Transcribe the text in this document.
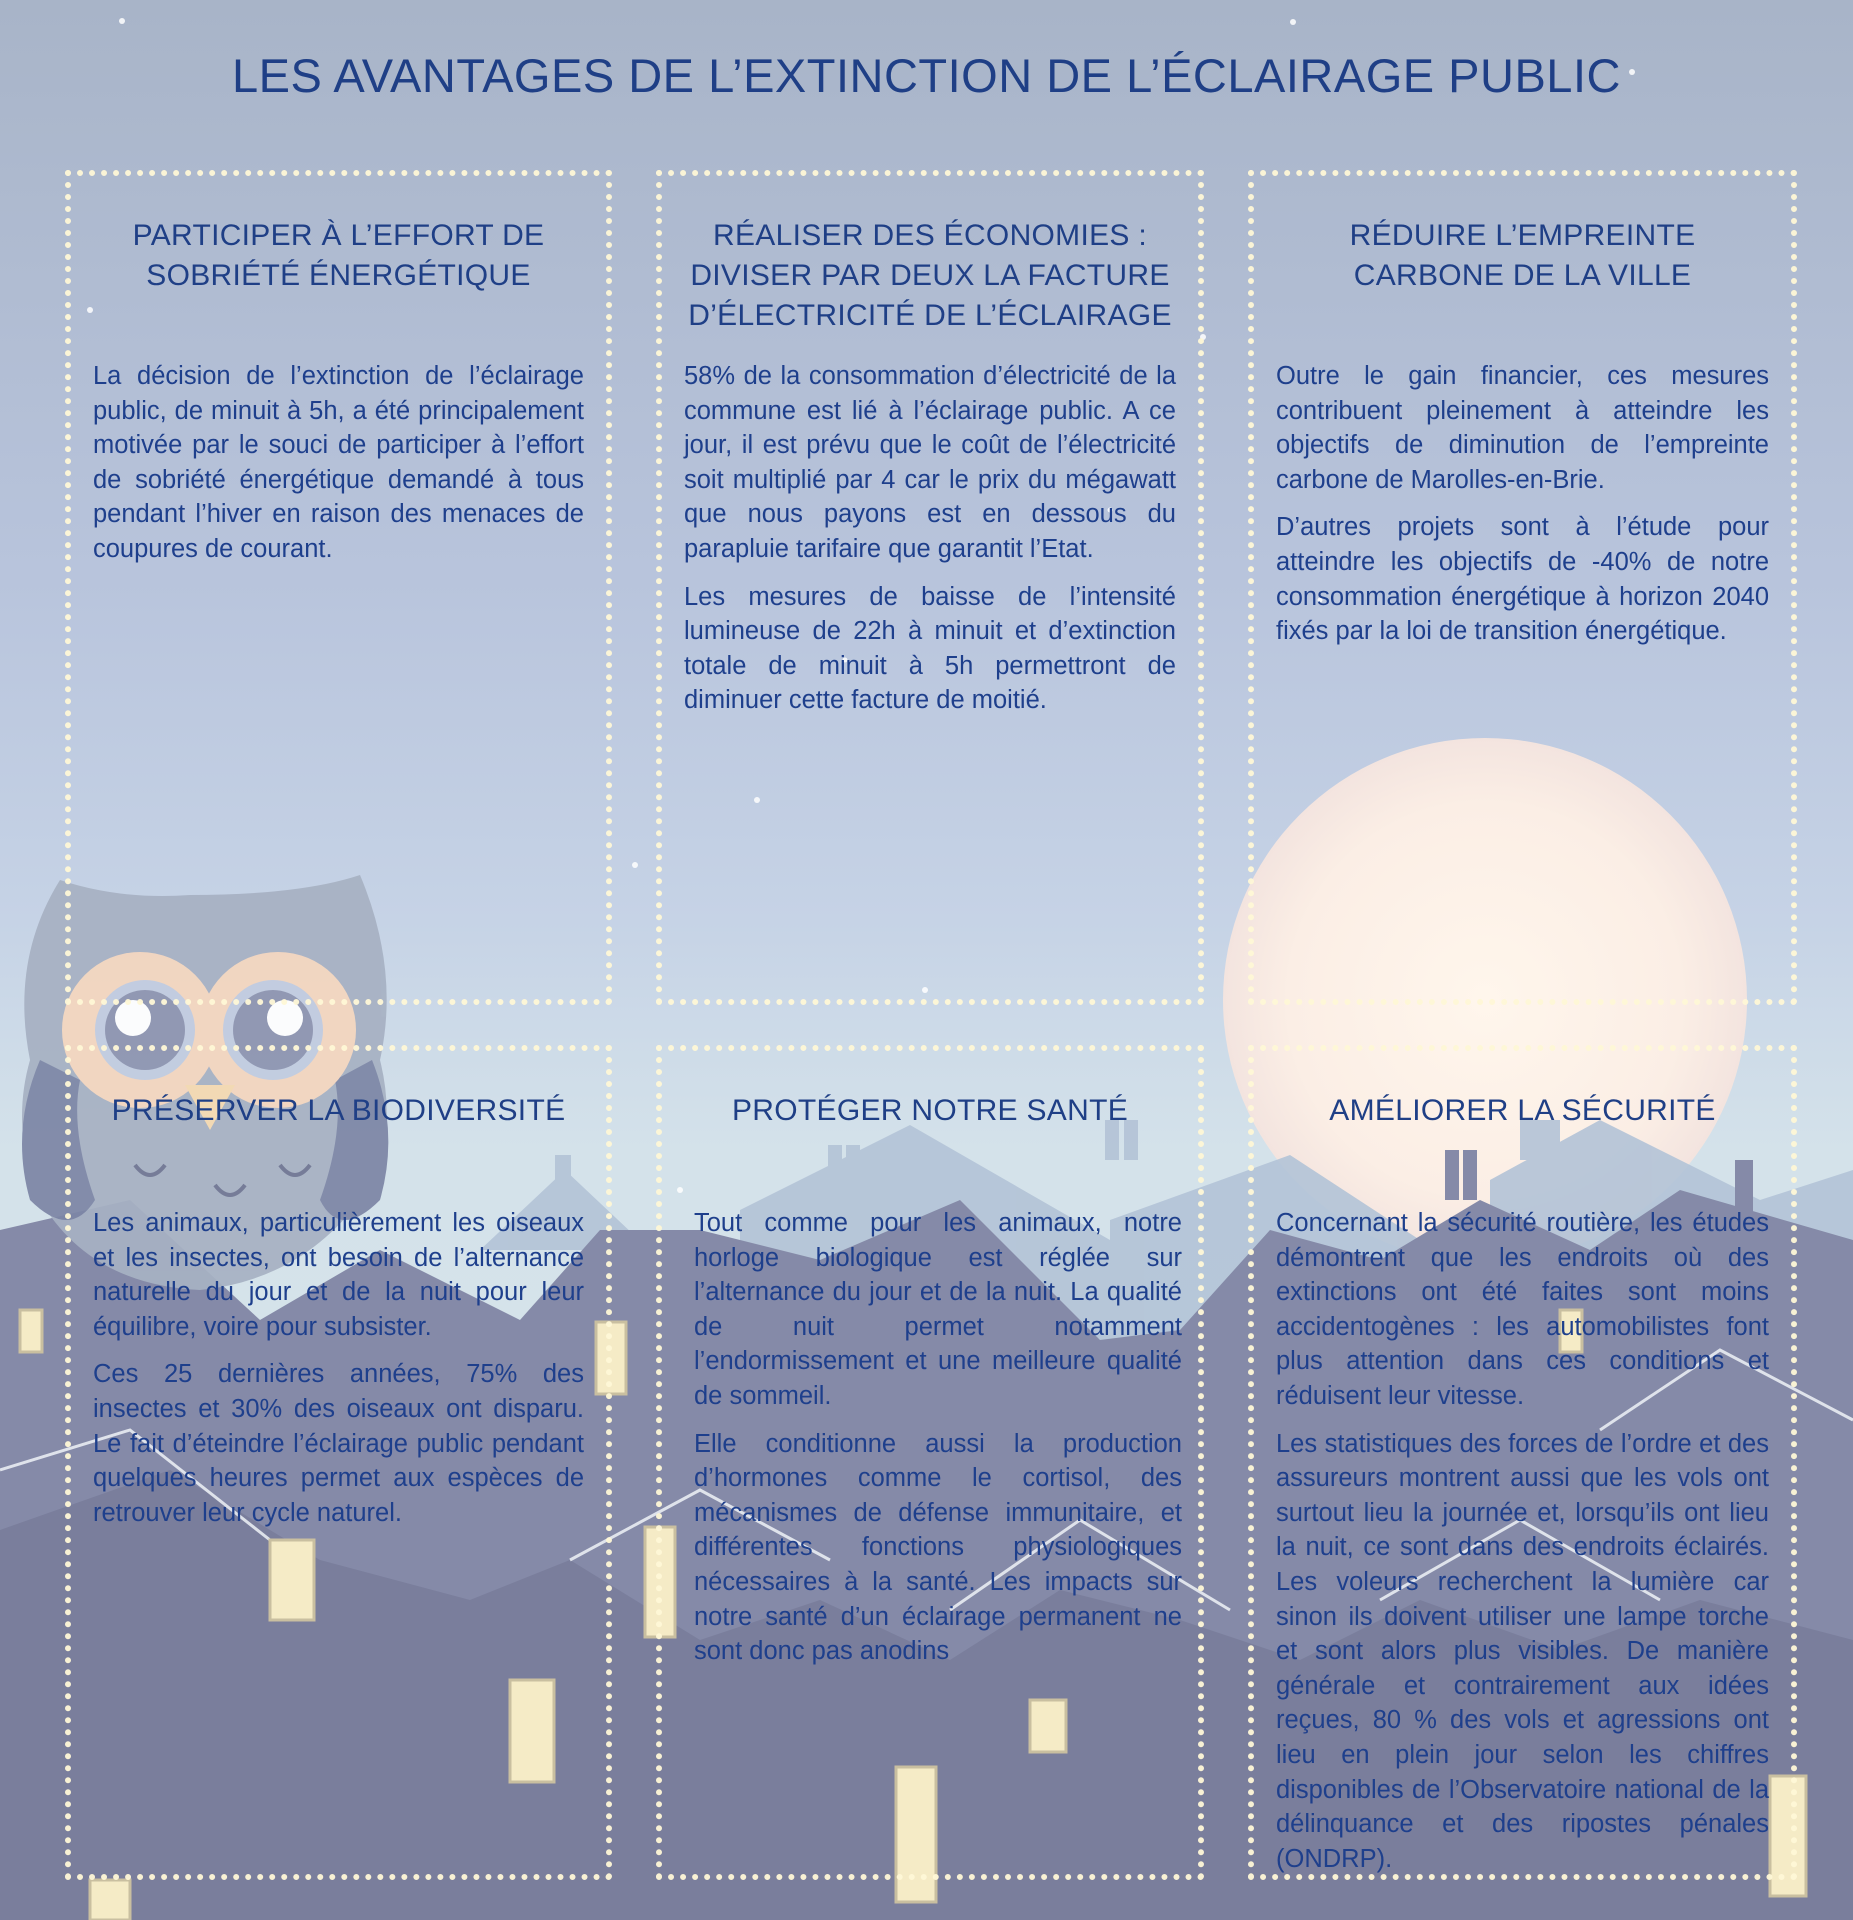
LES AVANTAGES DE L’EXTINCTION DE L’ÉCLAIRAGE PUBLIC
PARTICIPER À L’EFFORT DE
SOBRIÉTÉ ÉNERGÉTIQUE

La décision de l’extinction de l’éclairage public, de minuit à 5h, a été principalement motivée par le souci de participer à l’effort de sobriété énergétique demandé à tous pendant l’hiver en raison des menaces de coupures de courant.

RÉALISER DES ÉCONOMIES :
DIVISER PAR DEUX LA FACTURE
D’ÉLECTRICITÉ DE L’ÉCLAIRAGE

58% de la consommation d’électricité de la commune est lié à l’éclairage public. A ce jour, il est prévu que le coût de l’électricité soit multiplié par 4 car le prix du mégawatt que nous payons est en dessous du parapluie tarifaire que garantit l’Etat.

Les mesures de baisse de l’intensité lumineuse de 22h à minuit et d’extinction totale de minuit à 5h permettront de diminuer cette facture de moitié.

RÉDUIRE L’EMPREINTE
CARBONE DE LA VILLE

Outre le gain financier, ces mesures contribuent pleinement à atteindre les objectifs de diminution de l’empreinte carbone de Marolles-en-Brie.

D’autres projets sont à l’étude pour atteindre les objectifs de -40% de notre consommation énergétique à horizon 2040 fixés par la loi de transition énergétique.

PRÉSERVER LA BIODIVERSITÉ

Les animaux, particulièrement les oiseaux et les insectes, ont besoin de l’alternance naturelle du jour et de la nuit pour leur équilibre, voire pour subsister.

Ces 25 dernières années, 75% des insectes et 30% des oiseaux ont disparu. Le fait d’éteindre l’éclairage public pendant quelques heures permet aux espèces de retrouver leur cycle naturel.

PROTÉGER NOTRE SANTÉ

Tout comme pour les animaux, notre horloge biologique est réglée sur l’alternance du jour et de la nuit. La qualité de nuit permet notamment l’endormissement et une meilleure qualité de sommeil.

Elle conditionne aussi la production d’hormones comme le cortisol, des mécanismes de défense immunitaire, et différentes fonctions physiologiques nécessaires à la santé. Les impacts sur notre santé d’un éclairage permanent ne sont donc pas anodins

AMÉLIORER LA SÉCURITÉ

Concernant la sécurité routière, les études démontrent que les endroits où des extinctions ont été faites sont moins accidentogènes : les automobilistes font plus attention dans ces conditions et réduisent leur vitesse.

Les statistiques des forces de l’ordre et des assureurs montrent aussi que les vols ont surtout lieu la journée et, lorsqu’ils ont lieu la nuit, ce sont dans des endroits éclairés. Les voleurs recherchent la lumière car sinon ils doivent utiliser une lampe torche et sont alors plus visibles. De manière générale et contrairement aux idées reçues, 80 % des vols et agressions ont lieu en plein jour selon les chiffres disponibles de l’Observatoire national de la délinquance et des ripostes pénales (ONDRP).
